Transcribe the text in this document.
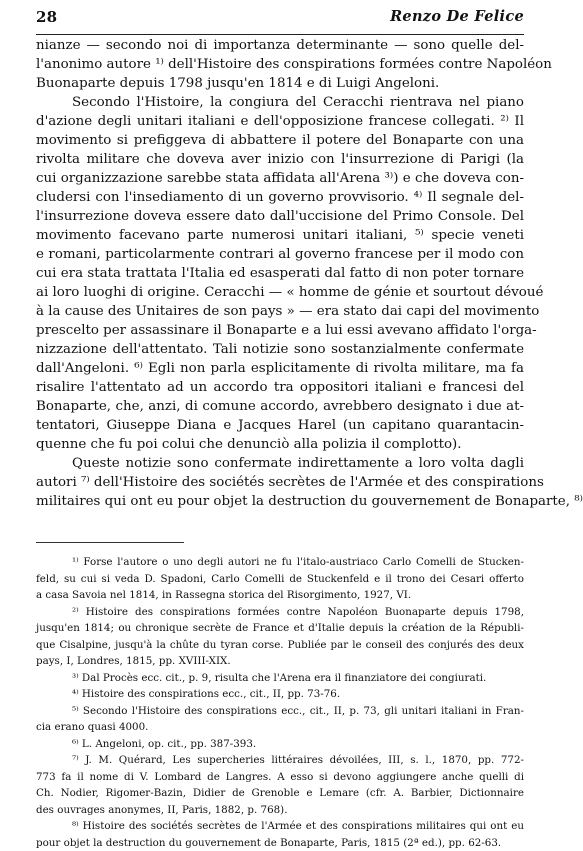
28	Renzo De Felice
nianze — secondo noi di importanza determinante — sono quelle del-
l'anonimo autore ¹⁾ dell'Histoire des conspirations formées contre Napoléon
Buonaparte depuis 1798 jusqu'en 1814 e di Luigi Angeloni.
Secondo l'Histoire, la congiura del Ceracchi rientrava nel piano
d'azione degli unitari italiani e dell'opposizione francese collegati. ²⁾ Il
movimento si prefiggeva di abbattere il potere del Bonaparte con una
rivolta militare che doveva aver inizio con l'insurrezione di Parigi (la
cui organizzazione sarebbe stata affidata all'Arena ³⁾) e che doveva con-
cludersi con l'insediamento di un governo provvisorio. ⁴⁾ Il segnale del-
l'insurrezione doveva essere dato dall'uccisione del Primo Console. Del
movimento facevano parte numerosi unitari italiani, ⁵⁾ specie veneti
e romani, particolarmente contrari al governo francese per il modo con
cui era stata trattata l'Italia ed esasperati dal fatto di non poter tornare
ai loro luoghi di origine. Ceracchi — « homme de génie et sourtout dévoué
à la cause des Unitaires de son pays » — era stato dai capi del movimento
prescelto per assassinare il Bonaparte e a lui essi avevano affidato l'orga-
nizzazione dell'attentato. Tali notizie sono sostanzialmente confermate
dall'Angeloni. ⁶⁾ Egli non parla esplicitamente di rivolta militare, ma fa
risalire l'attentato ad un accordo tra oppositori italiani e francesi del
Bonaparte, che, anzi, di comune accordo, avrebbero designato i due at-
tentatori, Giuseppe Diana e Jacques Harel (un capitano quarantacin-
quenne che fu poi colui che denunciò alla polizia il complotto).
Queste notizie sono confermate indirettamente a loro volta dagli
autori ⁷⁾ dell'Histoire des sociétés secrètes de l'Armée et des conspirations
militaires qui ont eu pour objet la destruction du gouvernement de Bonaparte, ⁸⁾
¹⁾ Forse l'autore o uno degli autori ne fu l'italo-austriaco Carlo Comelli de Stucken-
feld, su cui si veda D. Spadoni, Carlo Comelli de Stuckenfeld e il trono dei Cesari offerto
a casa Savoia nel 1814, in Rassegna storica del Risorgimento, 1927, VI.
²⁾ Histoire des conspirations formées contre Napoléon Buonaparte depuis 1798,
jusqu'en 1814; ou chronique secrète de France et d'Italie depuis la création de la Républi-
que Cisalpine, jusqu'à la chûte du tyran corse. Publiée par le conseil des conjurés des deux
pays, I, Londres, 1815, pp. XVIII-XIX.
³⁾ Dal Procès ecc. cit., p. 9, risulta che l'Arena era il finanziatore dei congiurati.
⁴⁾ Histoire des conspirations ecc., cit., II, pp. 73-76.
⁵⁾ Secondo l'Histoire des conspirations ecc., cit., II, p. 73, gli unitari italiani in Fran-
cia erano quasi 4000.
⁶⁾ L. Angeloni, op. cit., pp. 387-393.
⁷⁾ J. M. Quérard, Les supercheries littéraires dévoilées, III, s. l., 1870, pp. 772-
773 fa il nome di V. Lombard de Langres. A esso si devono aggiungere anche quelli di
Ch. Nodier, Rigomer-Bazin, Didier de Grenoble e Lemare (cfr. A. Barbier, Dictionnaire
des ouvrages anonymes, II, Paris, 1882, p. 768).
⁸⁾ Histoire des sociétés secrètes de l'Armée et des conspirations militaires qui ont eu
pour objet la destruction du gouvernement de Bonaparte, Paris, 1815 (2ª ed.), pp. 62-63.
